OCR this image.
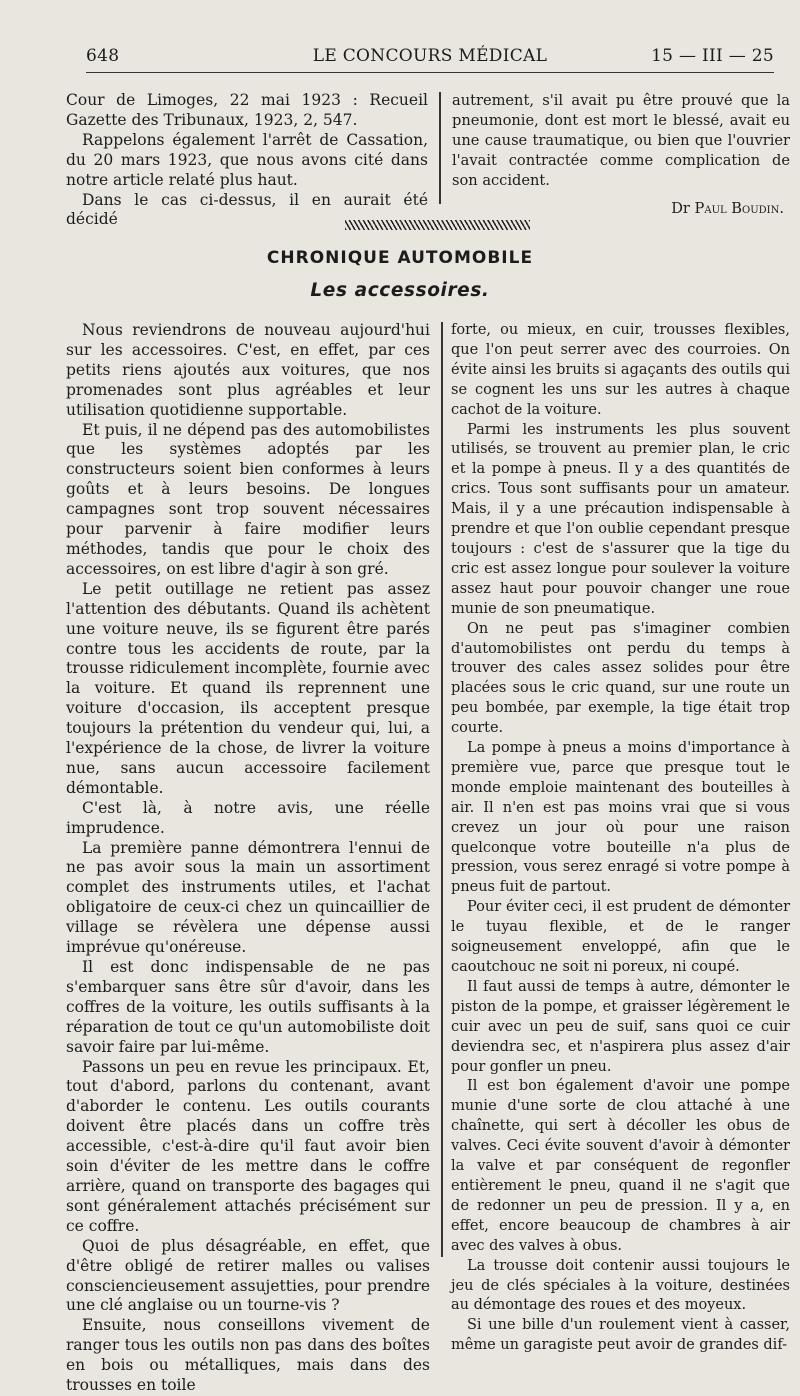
648	LE CONCOURS MÉDICAL	15 — III — 25

Cour de Limoges, 22 mai 1923 : Recueil Gazette des Tribunaux, 1923, 2, 547.

Rappelons également l'arrêt de Cassation, du 20 mars 1923, que nous avons cité dans notre article relaté plus haut.

Dans le cas ci-dessus, il en aurait été décidé

autrement, s'il avait pu être prouvé que la pneumonie, dont est mort le blessé, avait eu une cause traumatique, ou bien que l'ouvrier l'avait contractée comme complication de son accident.

Dr Paul Boudin.
CHRONIQUE AUTOMOBILE
Les accessoires.

Nous reviendrons de nouveau aujourd'hui sur les accessoires. C'est, en effet, par ces petits riens ajoutés aux voitures, que nos promenades sont plus agréables et leur utilisation quotidienne supportable.

Et puis, il ne dépend pas des automobilistes que les systèmes adoptés par les constructeurs soient bien conformes à leurs goûts et à leurs besoins. De longues campagnes sont trop souvent nécessaires pour parvenir à faire modifier leurs méthodes, tandis que pour le choix des accessoires, on est libre d'agir à son gré.

Le petit outillage ne retient pas assez l'attention des débutants. Quand ils achètent une voiture neuve, ils se figurent être parés contre tous les accidents de route, par la trousse ridiculement incomplète, fournie avec la voiture. Et quand ils reprennent une voiture d'occasion, ils acceptent presque toujours la prétention du vendeur qui, lui, a l'expérience de la chose, de livrer la voiture nue, sans aucun accessoire facilement démontable.

C'est là, à notre avis, une réelle imprudence.

La première panne démontrera l'ennui de ne pas avoir sous la main un assortiment complet des instruments utiles, et l'achat obligatoire de ceux-ci chez un quincaillier de village se révèlera une dépense aussi imprévue qu'onéreuse.

Il est donc indispensable de ne pas s'embarquer sans être sûr d'avoir, dans les coffres de la voiture, les outils suffisants à la réparation de tout ce qu'un automobiliste doit savoir faire par lui-même.

Passons un peu en revue les principaux. Et, tout d'abord, parlons du contenant, avant d'aborder le contenu. Les outils courants doivent être placés dans un coffre très accessible, c'est-à-dire qu'il faut avoir bien soin d'éviter de les mettre dans le coffre arrière, quand on transporte des bagages qui sont généralement attachés précisément sur ce coffre.

Quoi de plus désagréable, en effet, que d'être obligé de retirer malles ou valises consciencieusement assujetties, pour prendre une clé anglaise ou un tourne-vis ?

Ensuite, nous conseillons vivement de ranger tous les outils non pas dans des boîtes en bois ou métalliques, mais dans des trousses en toile

forte, ou mieux, en cuir, trousses flexibles, que l'on peut serrer avec des courroies. On évite ainsi les bruits si agaçants des outils qui se cognent les uns sur les autres à chaque cachot de la voiture.

Parmi les instruments les plus souvent utilisés, se trouvent au premier plan, le cric et la pompe à pneus. Il y a des quantités de crics. Tous sont suffisants pour un amateur. Mais, il y a une précaution indispensable à prendre et que l'on oublie cependant presque toujours : c'est de s'assurer que la tige du cric est assez longue pour soulever la voiture assez haut pour pouvoir changer une roue munie de son pneumatique.

On ne peut pas s'imaginer combien d'automobilistes ont perdu du temps à trouver des cales assez solides pour être placées sous le cric quand, sur une route un peu bombée, par exemple, la tige était trop courte.

La pompe à pneus a moins d'importance à première vue, parce que presque tout le monde emploie maintenant des bouteilles à air. Il n'en est pas moins vrai que si vous crevez un jour où pour une raison quelconque votre bouteille n'a plus de pression, vous serez enragé si votre pompe à pneus fuit de partout.

Pour éviter ceci, il est prudent de démonter le tuyau flexible, et de le ranger soigneusement enveloppé, afin que le caoutchouc ne soit ni poreux, ni coupé.

Il faut aussi de temps à autre, démonter le piston de la pompe, et graisser légèrement le cuir avec un peu de suif, sans quoi ce cuir deviendra sec, et n'aspirera plus assez d'air pour gonfler un pneu.

Il est bon également d'avoir une pompe munie d'une sorte de clou attaché à une chaînette, qui sert à décoller les obus de valves. Ceci évite souvent d'avoir à démonter la valve et par conséquent de regonfler entièrement le pneu, quand il ne s'agit que de redonner un peu de pression. Il y a, en effet, encore beaucoup de chambres à air avec des valves à obus.

La trousse doit contenir aussi toujours le jeu de clés spéciales à la voiture, destinées au démontage des roues et des moyeux.

Si une bille d'un roulement vient à casser, même un garagiste peut avoir de grandes dif-
